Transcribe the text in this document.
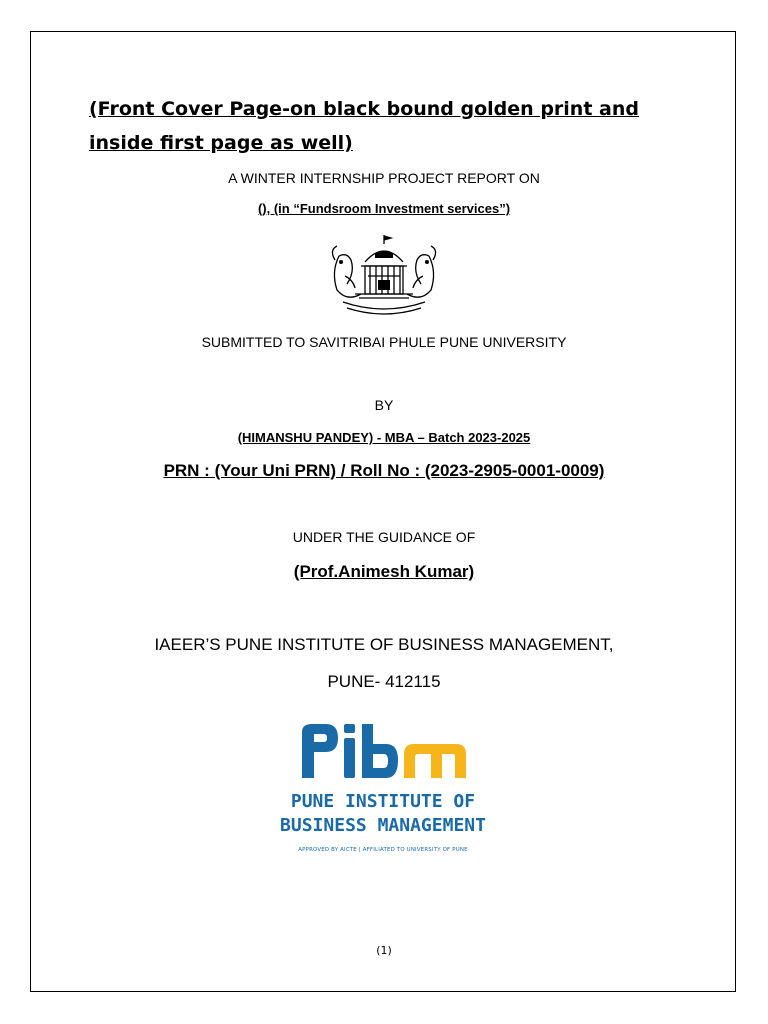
(Front Cover Page-on black bound golden print and inside first page as well)
A WINTER INTERNSHIP PROJECT REPORT ON
(), (in “Fundsroom Investment services”)
SUBMITTED TO SAVITRIBAI PHULE PUNE UNIVERSITY
BY
(HIMANSHU PANDEY) - MBA – Batch 2023-2025
PRN : (Your Uni PRN) / Roll No : (2023-2905-0001-0009)
UNDER THE GUIDANCE OF
(Prof.Animesh Kumar)
IAEER’S PUNE INSTITUTE OF BUSINESS MANAGEMENT,
PUNE- 412115
PUNE INSTITUTE OF
BUSINESS MANAGEMENT
APPROVED BY AICTE | AFFILIATED TO UNIVERSITY OF PUNE
(1)
